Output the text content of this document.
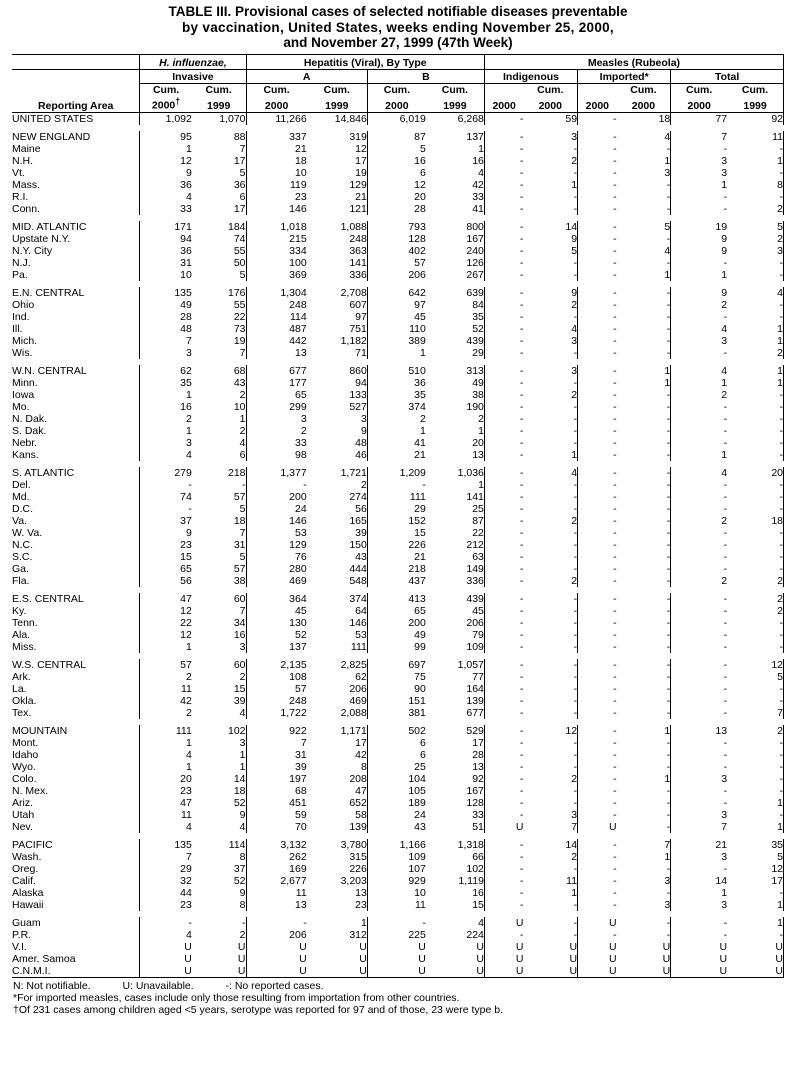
TABLE III. Provisional cases of selected notifiable diseases preventable
by vaccination, United States, weeks ending November 25, 2000,
and November 27, 1999 (47th Week)
	H. influenzae,		Hepatitis (Viral), By Type				Measles (Rubeola)					
	Invasive		A		B		Indigenous		Imported*		Total	
	Cum.	Cum.	Cum.	Cum.	Cum.	Cum.		Cum.		Cum.	Cum.	Cum.
Reporting Area	2000†	1999	2000	1999	2000	1999	2000	2000	2000	2000	2000	1999
UNITED STATES	1,092	1,070	11,266	14,846	6,019	6,268	-	59	-	18	77	92

NEW ENGLAND	95	88	337	319	87	137	-	3	-	4	7	11
Maine	1	7	21	12	5	1	-	-	-	-	-	-
N.H.	12	17	18	17	16	16	-	2	-	1	3	1
Vt.	9	5	10	19	6	4	-	-	-	3	3	-
Mass.	36	36	119	129	12	42	-	1	-	-	1	8
R.I.	4	6	23	21	20	33	-	-	-	-	-	-
Conn.	33	17	146	121	28	41	-	-	-	-	-	2

MID. ATLANTIC	171	184	1,018	1,088	793	800	-	14	-	5	19	5
Upstate N.Y.	94	74	215	248	128	167	-	9	-	-	9	2
N.Y. City	36	55	334	363	402	240	-	5	-	4	9	3
N.J.	31	50	100	141	57	126	-	-	-	-	-	-
Pa.	10	5	369	336	206	267	-	-	-	1	1	-

E.N. CENTRAL	135	176	1,304	2,708	642	639	-	9	-	-	9	4
Ohio	49	55	248	607	97	84	-	2	-	-	2	-
Ind.	28	22	114	97	45	35	-	-	-	-	-	-
Ill.	48	73	487	751	110	52	-	4	-	-	4	1
Mich.	7	19	442	1,182	389	439	-	3	-	-	3	1
Wis.	3	7	13	71	1	29	-	-	-	-	-	2

W.N. CENTRAL	62	68	677	860	510	313	-	3	-	1	4	1
Minn.	35	43	177	94	36	49	-	-	-	1	1	1
Iowa	1	2	65	133	35	38	-	2	-	-	2	-
Mo.	16	10	299	527	374	190	-	-	-	-	-	-
N. Dak.	2	1	3	3	2	2	-	-	-	-	-	-
S. Dak.	1	2	2	9	1	1	-	-	-	-	-	-
Nebr.	3	4	33	48	41	20	-	-	-	-	-	-
Kans.	4	6	98	46	21	13	-	1	-	-	1	-

S. ATLANTIC	279	218	1,377	1,721	1,209	1,036	-	4	-	-	4	20
Del.	-	-	-	2	-	1	-	-	-	-	-	-
Md.	74	57	200	274	111	141	-	-	-	-	-	-
D.C.	-	5	24	56	29	25	-	-	-	-	-	-
Va.	37	18	146	165	152	87	-	2	-	-	2	18
W. Va.	9	7	53	39	15	22	-	-	-	-	-	-
N.C.	23	31	129	150	226	212	-	-	-	-	-	-
S.C.	15	5	76	43	21	63	-	-	-	-	-	-
Ga.	65	57	280	444	218	149	-	-	-	-	-	-
Fla.	56	38	469	548	437	336	-	2	-	-	2	2

E.S. CENTRAL	47	60	364	374	413	439	-	-	-	-	-	2
Ky.	12	7	45	64	65	45	-	-	-	-	-	2
Tenn.	22	34	130	146	200	206	-	-	-	-	-	-
Ala.	12	16	52	53	49	79	-	-	-	-	-	-
Miss.	1	3	137	111	99	109	-	-	-	-	-	-

W.S. CENTRAL	57	60	2,135	2,825	697	1,057	-	-	-	-	-	12
Ark.	2	2	108	62	75	77	-	-	-	-	-	5
La.	11	15	57	206	90	164	-	-	-	-	-	-
Okla.	42	39	248	469	151	139	-	-	-	-	-	-
Tex.	2	4	1,722	2,088	381	677	-	-	-	-	-	7

MOUNTAIN	111	102	922	1,171	502	529	-	12	-	1	13	2
Mont.	1	3	7	17	6	17	-	-	-	-	-	-
Idaho	4	1	31	42	6	28	-	-	-	-	-	-
Wyo.	1	1	39	8	25	13	-	-	-	-	-	-
Colo.	20	14	197	208	104	92	-	2	-	1	3	-
N. Mex.	23	18	68	47	105	167	-	-	-	-	-	-
Ariz.	47	52	451	652	189	128	-	-	-	-	-	1
Utah	11	9	59	58	24	33	-	3	-	-	3	-
Nev.	4	4	70	139	43	51	U	7	U	-	7	1

PACIFIC	135	114	3,132	3,780	1,166	1,318	-	14	-	7	21	35
Wash.	7	8	262	315	109	66	-	2	-	1	3	5
Oreg.	29	37	169	226	107	102	-	-	-	-	-	12
Calif.	32	52	2,677	3,203	929	1,119	-	11	-	3	14	17
Alaska	44	9	11	13	10	16	-	1	-	-	1	-
Hawaii	23	8	13	23	11	15	-	-	-	3	3	1

Guam	-	-	-	1	-	4	U	-	U	-	-	1
P.R.	4	2	206	312	225	224	-	-	-	-	-	-
V.I.	U	U	U	U	U	U	U	U	U	U	U	U
Amer. Samoa	U	U	U	U	U	U	U	U	U	U	U	U
C.N.M.I.	U	U	U	U	U	U	U	U	U	U	U	U
N: Not notifiable.	U: Unavailable.	-: No reported cases.
*For imported measles, cases include only those resulting from importation from other countries.
†Of 231 cases among children aged <5 years, serotype was reported for 97 and of those, 23 were type b.
